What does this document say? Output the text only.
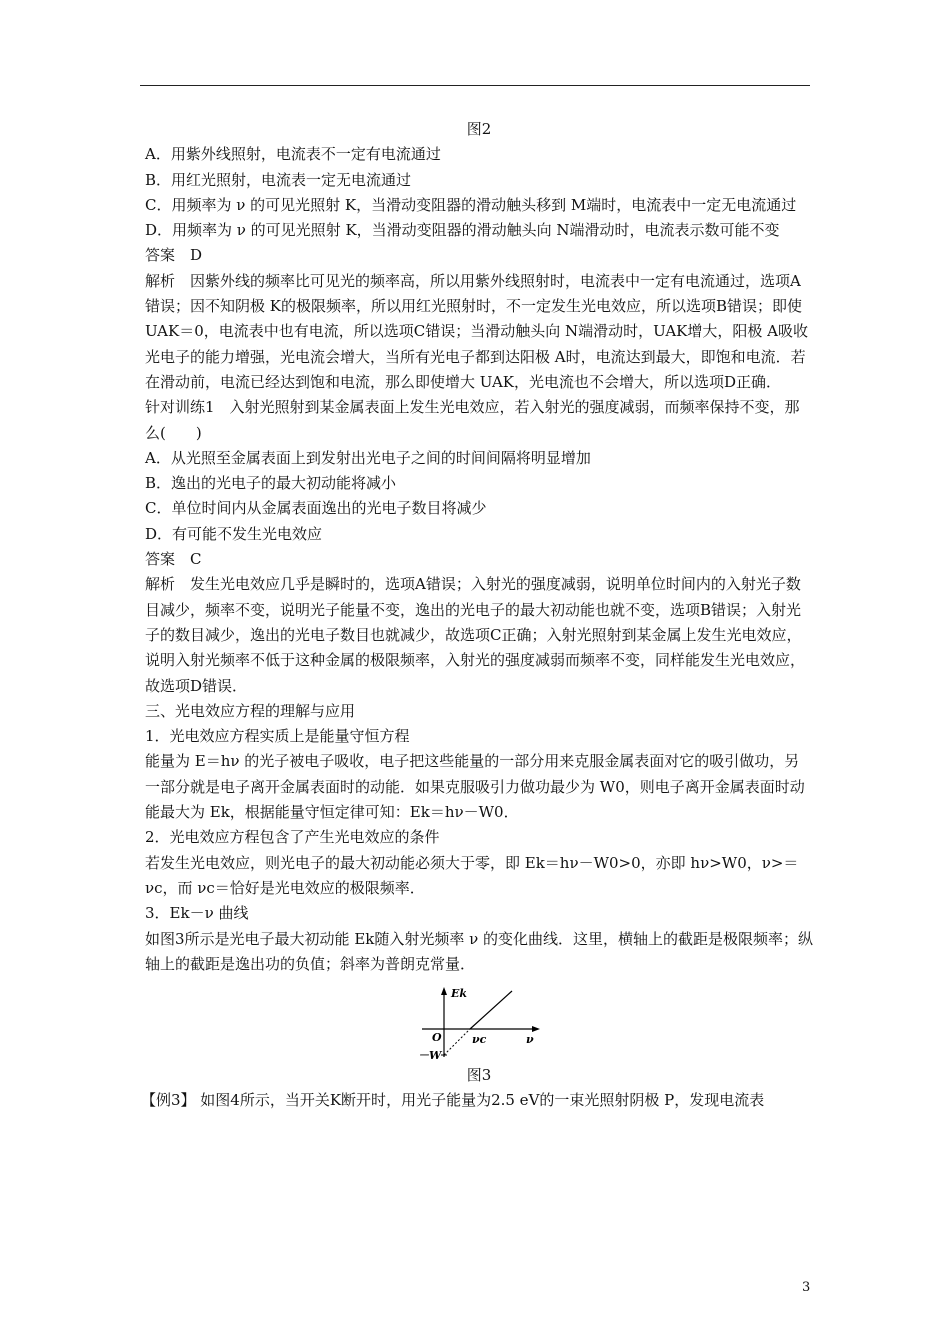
图2

A．用紫外线照射，电流表不一定有电流通过

B．用红光照射，电流表一定无电流通过

C．用频率为 ν 的可见光照射 K，当滑动变阻器的滑动触头移到 M端时，电流表中一定无电流通过

D．用频率为 ν 的可见光照射 K，当滑动变阻器的滑动触头向 N端滑动时，电流表示数可能不变

答案　D

解析　因紫外线的频率比可见光的频率高，所以用紫外线照射时，电流表中一定有电流通过，选项A错误；因不知阴极 K的极限频率，所以用红光照射时，不一定发生光电效应，所以选项B错误；即使 UAK＝0，电流表中也有电流，所以选项C错误；当滑动触头向 N端滑动时，UAK增大，阳极 A吸收光电子的能力增强，光电流会增大，当所有光电子都到达阳极 A时，电流达到最大，即饱和电流．若在滑动前，电流已经达到饱和电流，那么即使增大 UAK，光电流也不会增大，所以选项D正确．

针对训练1　入射光照射到某金属表面上发生光电效应，若入射光的强度减弱，而频率保持不变，那么(　　)

A．从光照至金属表面上到发射出光电子之间的时间间隔将明显增加

B．逸出的光电子的最大初动能将减小

C．单位时间内从金属表面逸出的光电子数目将减少

D．有可能不发生光电效应

答案　C

解析　发生光电效应几乎是瞬时的，选项A错误；入射光的强度减弱，说明单位时间内的入射光子数目减少，频率不变，说明光子能量不变，逸出的光电子的最大初动能也就不变，选项B错误；入射光子的数目减少，逸出的光电子数目也就减少，故选项C正确；入射光照射到某金属上发生光电效应，说明入射光频率不低于这种金属的极限频率，入射光的强度减弱而频率不变，同样能发生光电效应，故选项D错误．

三、光电效应方程的理解与应用

1．光电效应方程实质上是能量守恒方程

能量为 E＝hν 的光子被电子吸收，电子把这些能量的一部分用来克服金属表面对它的吸引做功，另一部分就是电子离开金属表面时的动能．如果克服吸引力做功最少为 W0，则电子离开金属表面时动能最大为 Ek，根据能量守恒定律可知：Ek＝hν－W0．

2．光电效应方程包含了产生光电效应的条件

若发生光电效应，则光电子的最大初动能必须大于零，即 Ek＝hν－W0>0，亦即 hν>W0，ν>＝νc，而 νc＝恰好是光电效应的极限频率．

3．Ek－ν 曲线

如图3所示是光电子最大初动能 Ek随入射光频率 ν 的变化曲线．这里，横轴上的截距是极限频率；纵轴上的截距是逸出功的负值；斜率为普朗克常量．

Ek
O	νc	ν
－W

图3

【例3】 如图4所示，当开关K断开时，用光子能量为2.5 eV的一束光照射阴极 P，发现电流表

3
